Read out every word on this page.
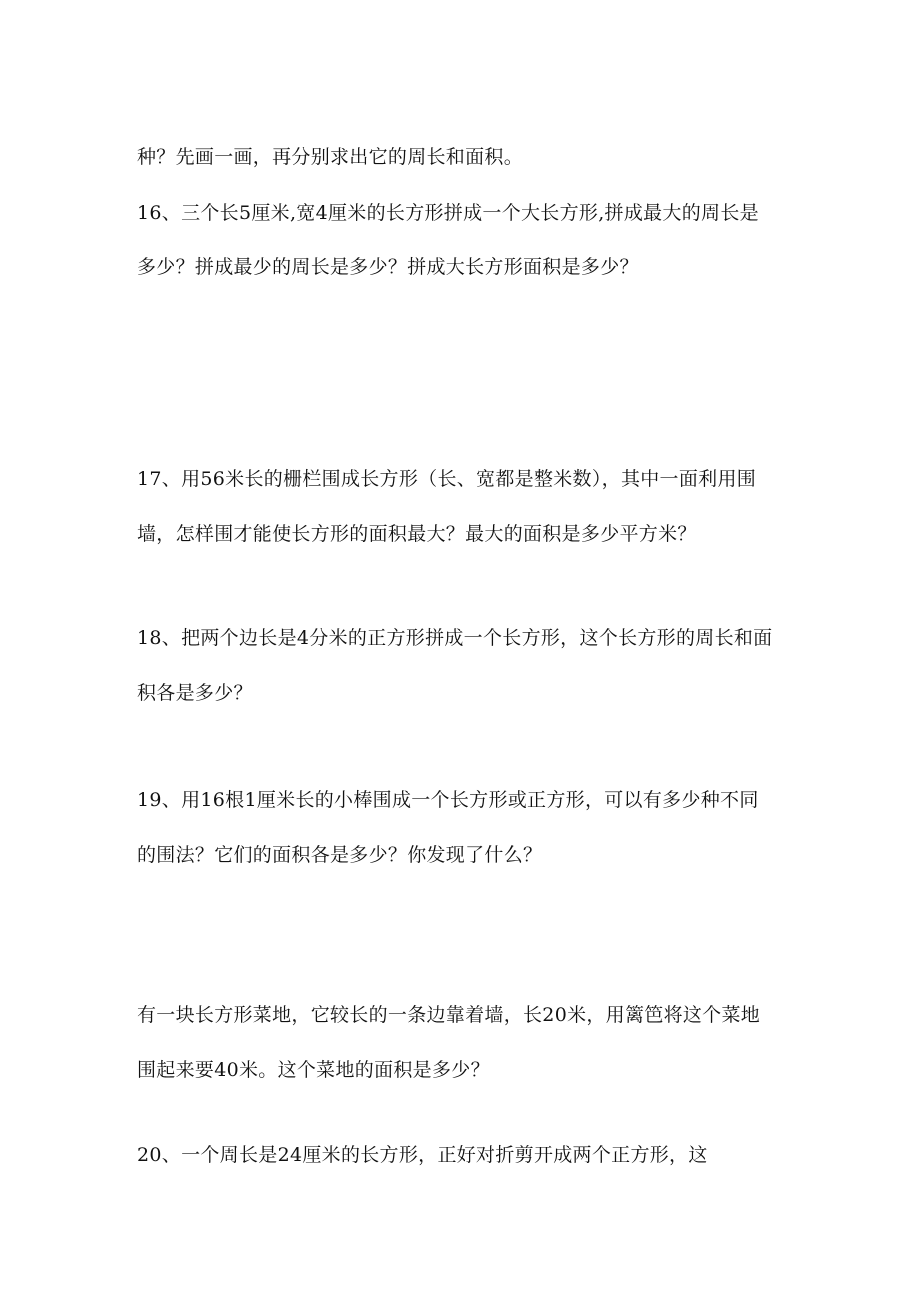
种？先画一画，再分别求出它的周长和面积。

16、三个长5厘米,宽4厘米的长方形拼成一个大长方形,拼成最大的周长是

多少？拼成最少的周长是多少？拼成大长方形面积是多少？

17、用56米长的栅栏围成长方形（长、宽都是整米数），其中一面利用围

墙，怎样围才能使长方形的面积最大？最大的面积是多少平方米？

18、把两个边长是4分米的正方形拼成一个长方形，这个长方形的周长和面

积各是多少？

19、用16根1厘米长的小棒围成一个长方形或正方形，可以有多少种不同

的围法？它们的面积各是多少？你发现了什么？

有一块长方形菜地，它较长的一条边靠着墙，长20米，用篱笆将这个菜地

围起来要40米。这个菜地的面积是多少？

20、一个周长是24厘米的长方形，正好对折剪开成两个正方形，这
